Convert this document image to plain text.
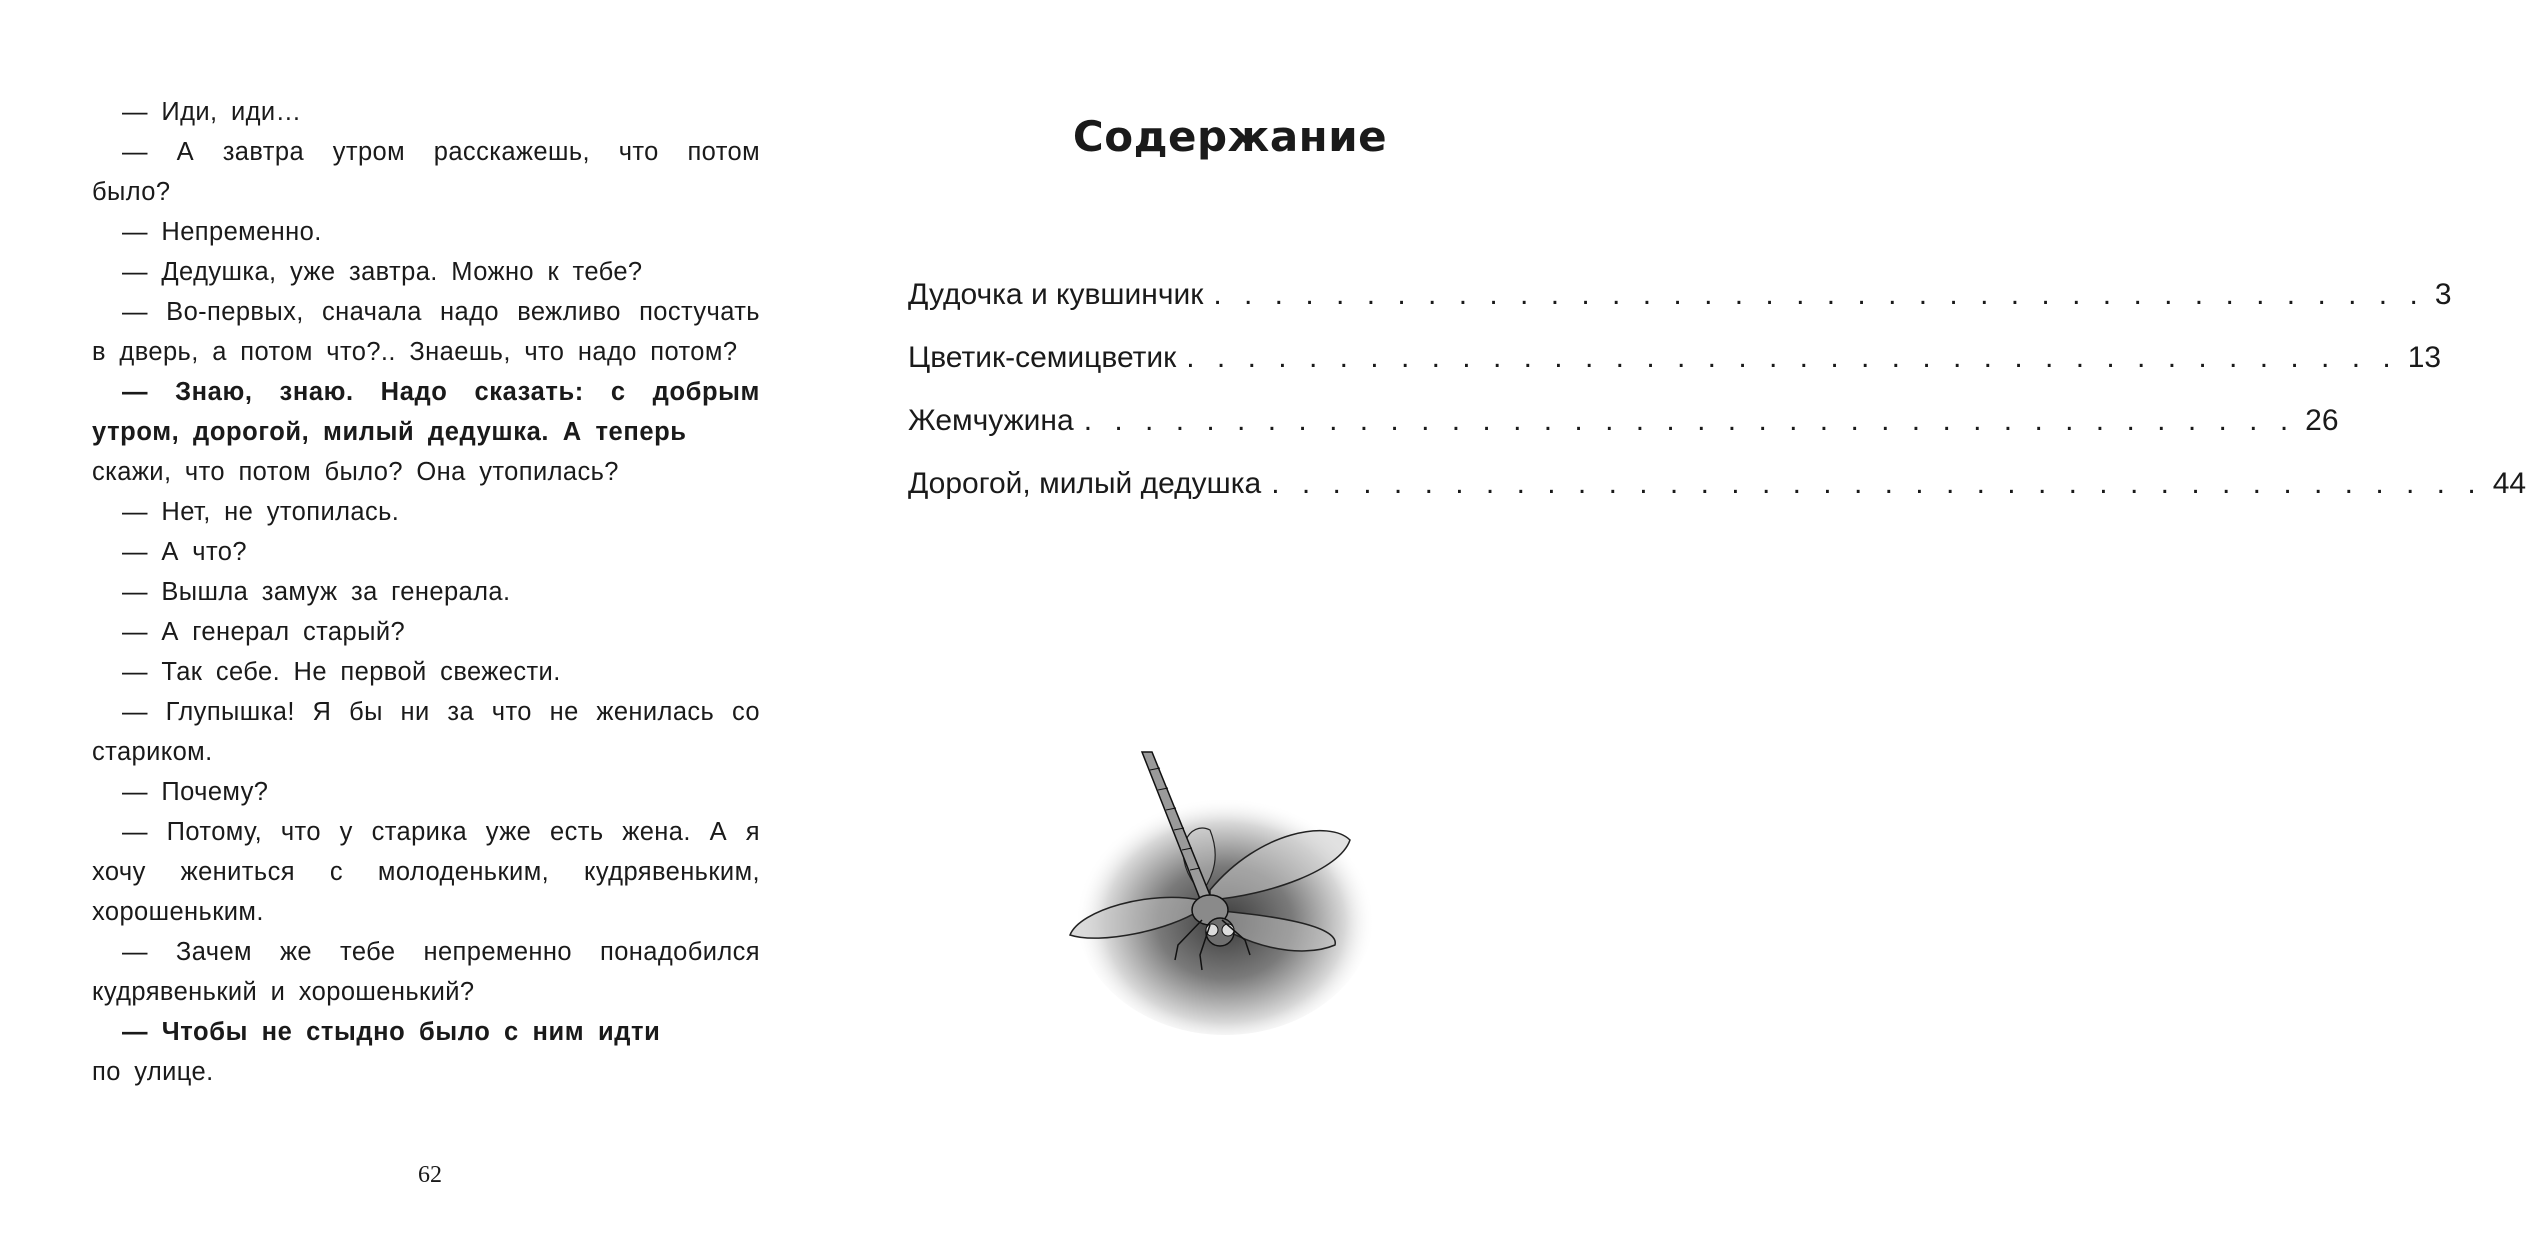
— Иди, иди…

— А завтра утром расскажешь, что потом было?

— Непременно.

— Дедушка, уже завтра. Можно к тебе?

— Во-первых, сначала надо вежливо постучать в дверь, а потом что?.. Знаешь, что надо потом?

— Знаю, знаю. Надо сказать: с добрым утром, дорогой, милый дедушка. А теперь

скажи, что потом было? Она утопилась?

— Нет, не утопилась.

— А что?

— Вышла замуж за генерала.

— А генерал старый?

— Так себе. Не первой свежести.

— Глупышка! Я бы ни за что не женилась со стариком.

— Почему?

— Потому, что у старика уже есть жена. А я хочу жениться с молоденьким, кудрявеньким, хорошеньким.

— Зачем же тебе непременно понадобился кудрявенький и хорошенький?

— Чтобы не стыдно было с ним идти

по улице.

62
Содержание
Дудочка и кувшинчик . . . . . . . . . . . . . . . . . . . . . . . . . . . . . . . . . . . . . . . . 3
Цветик-семицветик . . . . . . . . . . . . . . . . . . . . . . . . . . . . . . . . . . . . . . . . 13
Жемчужина . . . . . . . . . . . . . . . . . . . . . . . . . . . . . . . . . . . . . . . . 26
Дорогой, милый дедушка . . . . . . . . . . . . . . . . . . . . . . . . . . . . . . . . . . . . . . . . 44
